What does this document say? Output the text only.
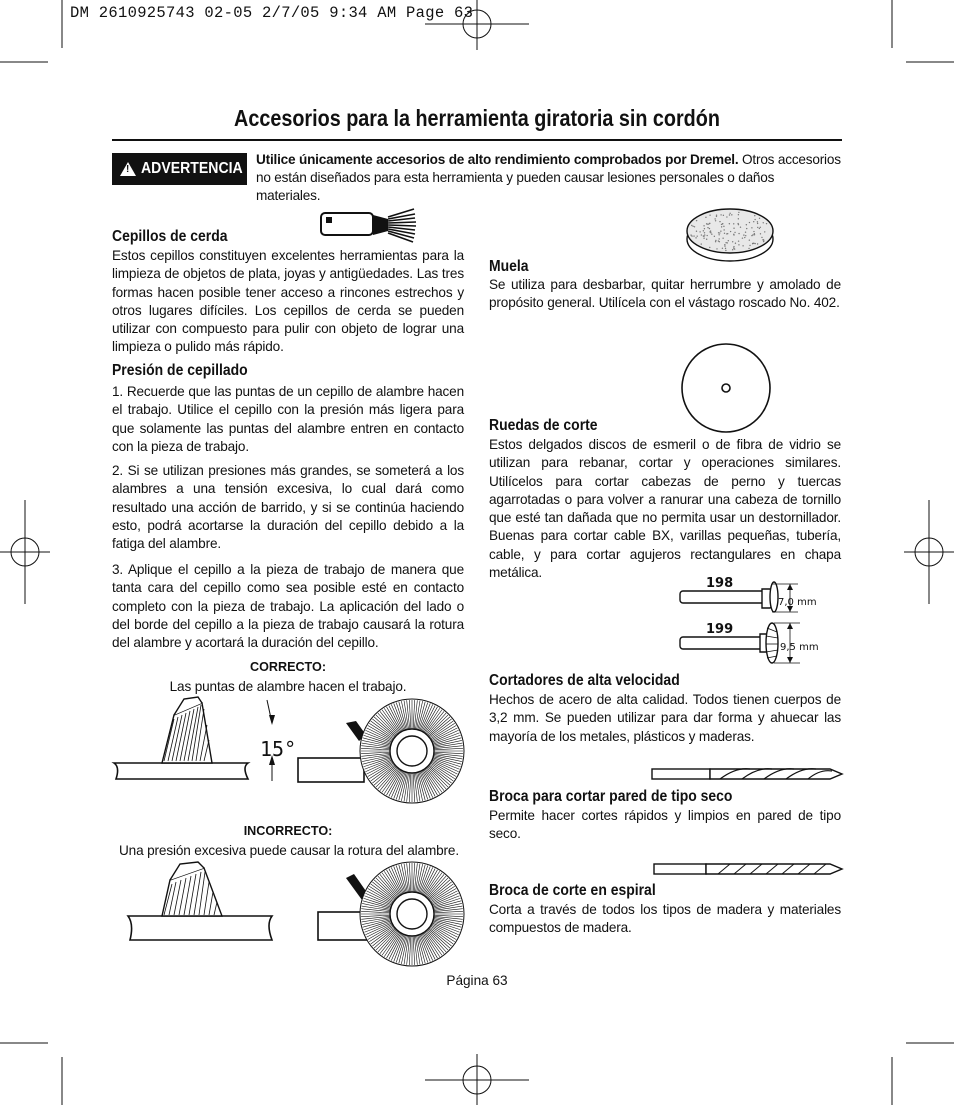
DM 2610925743 02-05 2/7/05 9:34 AM Page 63
Accesorios para la herramienta giratoria sin cordón
! ADVERTENCIA
Utilice únicamente accesorios de alto rendimiento comprobados por Dremel. Otros accesorios no están diseñados para esta herramienta y pueden causar lesiones personales o daños materiales.
Cepillos de cerda
Estos cepillos constituyen excelentes herramientas para la limpieza de objetos de plata, joyas y antigüedades. Las tres formas hacen posible tener acceso a rincones estrechos y otros lugares difíciles. Los cepillos de cerda se pueden utilizar con compuesto para pulir con objeto de lograr una limpieza o pulido más rápido.
Presión de cepillado
1. Recuerde que las puntas de un cepillo de alambre hacen el trabajo. Utilice el cepillo con la presión más ligera para que solamente las puntas del alambre entren en contacto con la pieza de trabajo.
2. Si se utilizan presiones más grandes, se someterá a los alambres a una tensión excesiva, lo cual dará como resultado una acción de barrido, y si se continúa haciendo esto, podrá acortarse la duración del cepillo debido a la fatiga del alambre.
3. Aplique el cepillo a la pieza de trabajo de manera que tanta cara del cepillo como sea posible esté en contacto completo con la pieza de trabajo. La aplicación del lado o del borde del cepillo a la pieza de trabajo causará la rotura del alambre y acortará la duración del cepillo.
CORRECTO:
Las puntas de alambre hacen el trabajo.
15°
INCORRECTO:
Una presión excesiva puede causar la rotura del alambre.
Muela
Se utiliza para desbarbar, quitar herrumbre y amolado de propósito general. Utilícela con el vástago roscado No. 402.
Ruedas de corte
Estos delgados discos de esmeril o de fibra de vidrio se utilizan para rebanar, cortar y operaciones similares. Utilícelos para cortar cabezas de perno y tuercas agarrotadas o para volver a ranurar una cabeza de tornillo que esté tan dañada que no permita usar un destornillador. Buenas para cortar cable BX, varillas pequeñas, tubería, cable, y para cortar agujeros rectangulares en chapa metálica.
198
7,0 mm
199
9,5 mm
Cortadores de alta velocidad
Hechos de acero de alta calidad. Todos tienen cuerpos de 3,2 mm. Se pueden utilizar para dar forma y ahuecar las mayoría de los metales, plásticos y maderas.
Broca para cortar pared de tipo seco
Permite hacer cortes rápidos y limpios en pared de tipo seco.
Broca de corte en espiral
Corta a través de todos los tipos de madera y materiales compuestos de madera.
Página 63
